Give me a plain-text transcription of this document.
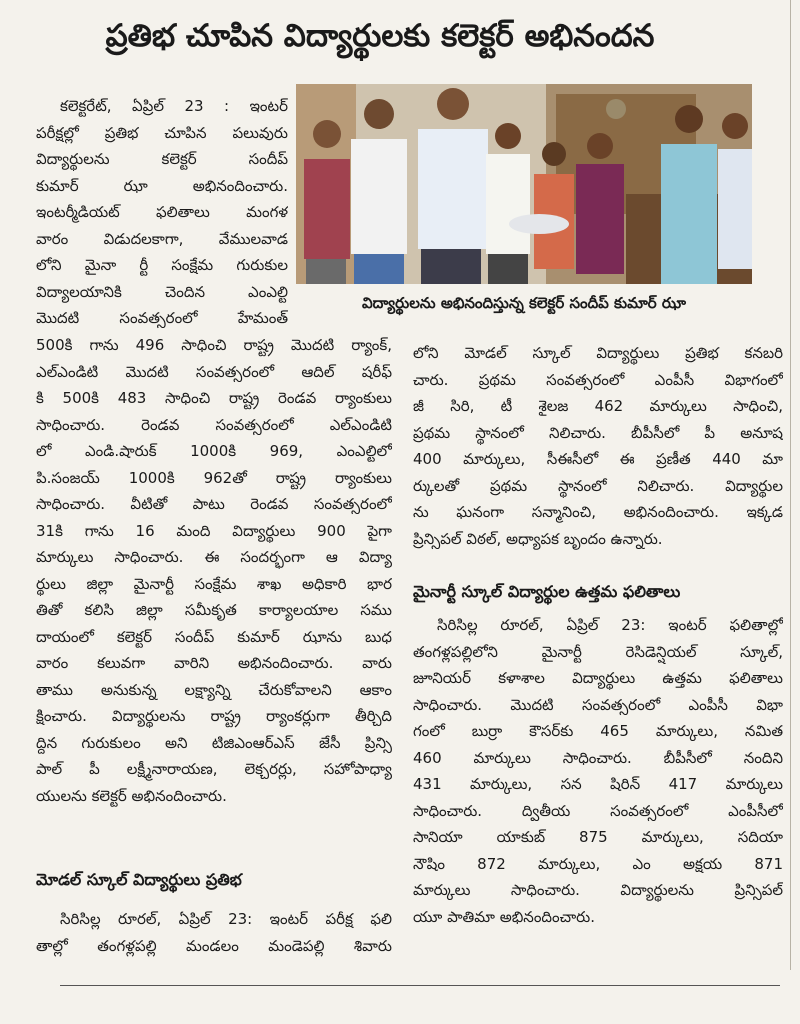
ప్రతిభ చూపిన విద్యార్థులకు కలెక్టర్ అభినందన
విద్యార్థులను అభినందిస్తున్న కలెక్టర్ సందీప్ కుమార్ ఝా
కలెక్టరేట్, ఏప్రిల్ 23 : ఇంటర్
పరీక్షల్లో ప్రతిభ చూపిన పలువురు
విద్యార్థులను కలెక్టర్ సందీప్
కుమార్ ఝా అభినందించారు.
ఇంటర్మీడియట్ ఫలితాలు మంగళ
వారం విడుదలకాగా, వేములవాడ
లోని మైనా ర్టీ సంక్షేమ గురుకుల
విద్యాలయానికి చెందిన ఎంఎల్టి
మొదటి సంవత్సరంలో హేమంత్
500కి గాను 496 సాధించి రాష్ట్ర మొదటి ర్యాంక్,
ఎల్ఎండిటి మొదటి సంవత్సరంలో ఆదిల్ షరీఫ్
కి 500కి 483 సాధించి రాష్ట్ర రెండవ ర్యాంకులు
సాధించారు. రెండవ సంవత్సరంలో ఎల్ఎండిటి
లో ఎండి.షారుక్ 1000కి 969, ఎంఎల్టిలో
పి.సంజయ్ 1000కి 962తో రాష్ట్ర ర్యాంకులు
సాధించారు. వీటితో పాటు రెండవ సంవత్సరంలో
31కి గాను 16 మంది విద్యార్థులు 900 పైగా
మార్కులు సాధించారు. ఈ సందర్భంగా ఆ విద్యా
ర్థులు జిల్లా మైనార్టీ సంక్షేమ శాఖ అధికారి భార
తితో కలిసి జిల్లా సమీకృత కార్యాలయాల సము
దాయంలో కలెక్టర్ సందీప్ కుమార్ ఝాను బుధ
వారం కలువగా వారిని అభినందించారు. వారు
తాము అనుకున్న లక్ష్యాన్ని చేరుకోవాలని ఆకాం
క్షించారు. విద్యార్థులను రాష్ట్ర ర్యాంకర్లుగా తీర్చిది
ద్దిన గురుకులం అని టిజిఎంఆర్ఎస్ జేసీ ప్రిన్సి
పాల్ పీ లక్ష్మీనారాయణ, లెక్చరర్లు, సహోపాధ్యా
యులను కలెక్టర్ అభినందించారు.
మోడల్ స్కూల్ విద్యార్థులు ప్రతిభ
సిరిసిల్ల రూరల్, ఏప్రిల్ 23: ఇంటర్ పరీక్ష ఫలి
తాల్లో తంగళ్లపల్లి మండలం మండెపల్లి శివారు
లోని మోడల్ స్కూల్ విద్యార్థులు ప్రతిభ కనబరి
చారు. ప్రథమ సంవత్సరంలో ఎంపీసీ విభాగంలో
జీ సిరి, టీ శైలజ 462 మార్కులు సాధించి,
ప్రథమ స్థానంలో నిలిచారు. బీపీసీలో పీ అనూష
400 మార్కులు, సీఈసీలో ఈ ప్రణీత 440 మా
ర్కులతో ప్రథమ స్థానంలో నిలిచారు. విద్యార్థుల
ను ఘనంగా సన్మానించి, అభినందించారు. ఇక్కడ
ప్రిన్సిపల్ విఠల్, అధ్యాపక బృందం ఉన్నారు.
మైనార్టీ స్కూల్ విద్యార్థుల ఉత్తమ ఫలితాలు
సిరిసిల్ల రూరల్, ఏప్రిల్ 23: ఇంటర్ ఫలితాల్లో
తంగళ్లపల్లిలోని మైనార్టీ రెసిడెన్షియల్ స్కూల్,
జూనియర్ కళాశాల విద్యార్థులు ఉత్తమ ఫలితాలు
సాధించారు. మొదటి సంవత్సరంలో ఎంపీసీ విభా
గంలో బుర్రా కౌసర్‌కు 465 మార్కులు, నమిత
460 మార్కులు సాధించారు. బీపీసీలో నందిని
431 మార్కులు, సన షిరిన్ 417 మార్కులు
సాధించారు. ద్వితీయ సంవత్సరంలో ఎంపీసీలో
సానియా యాకుబ్ 875 మార్కులు, సదియా
నౌషిం 872 మార్కులు, ఎం అక్షయ 871
మార్కులు సాధించారు. విద్యార్థులను ప్రిన్సిపల్
యూ పాతిమా అభినందించారు.
